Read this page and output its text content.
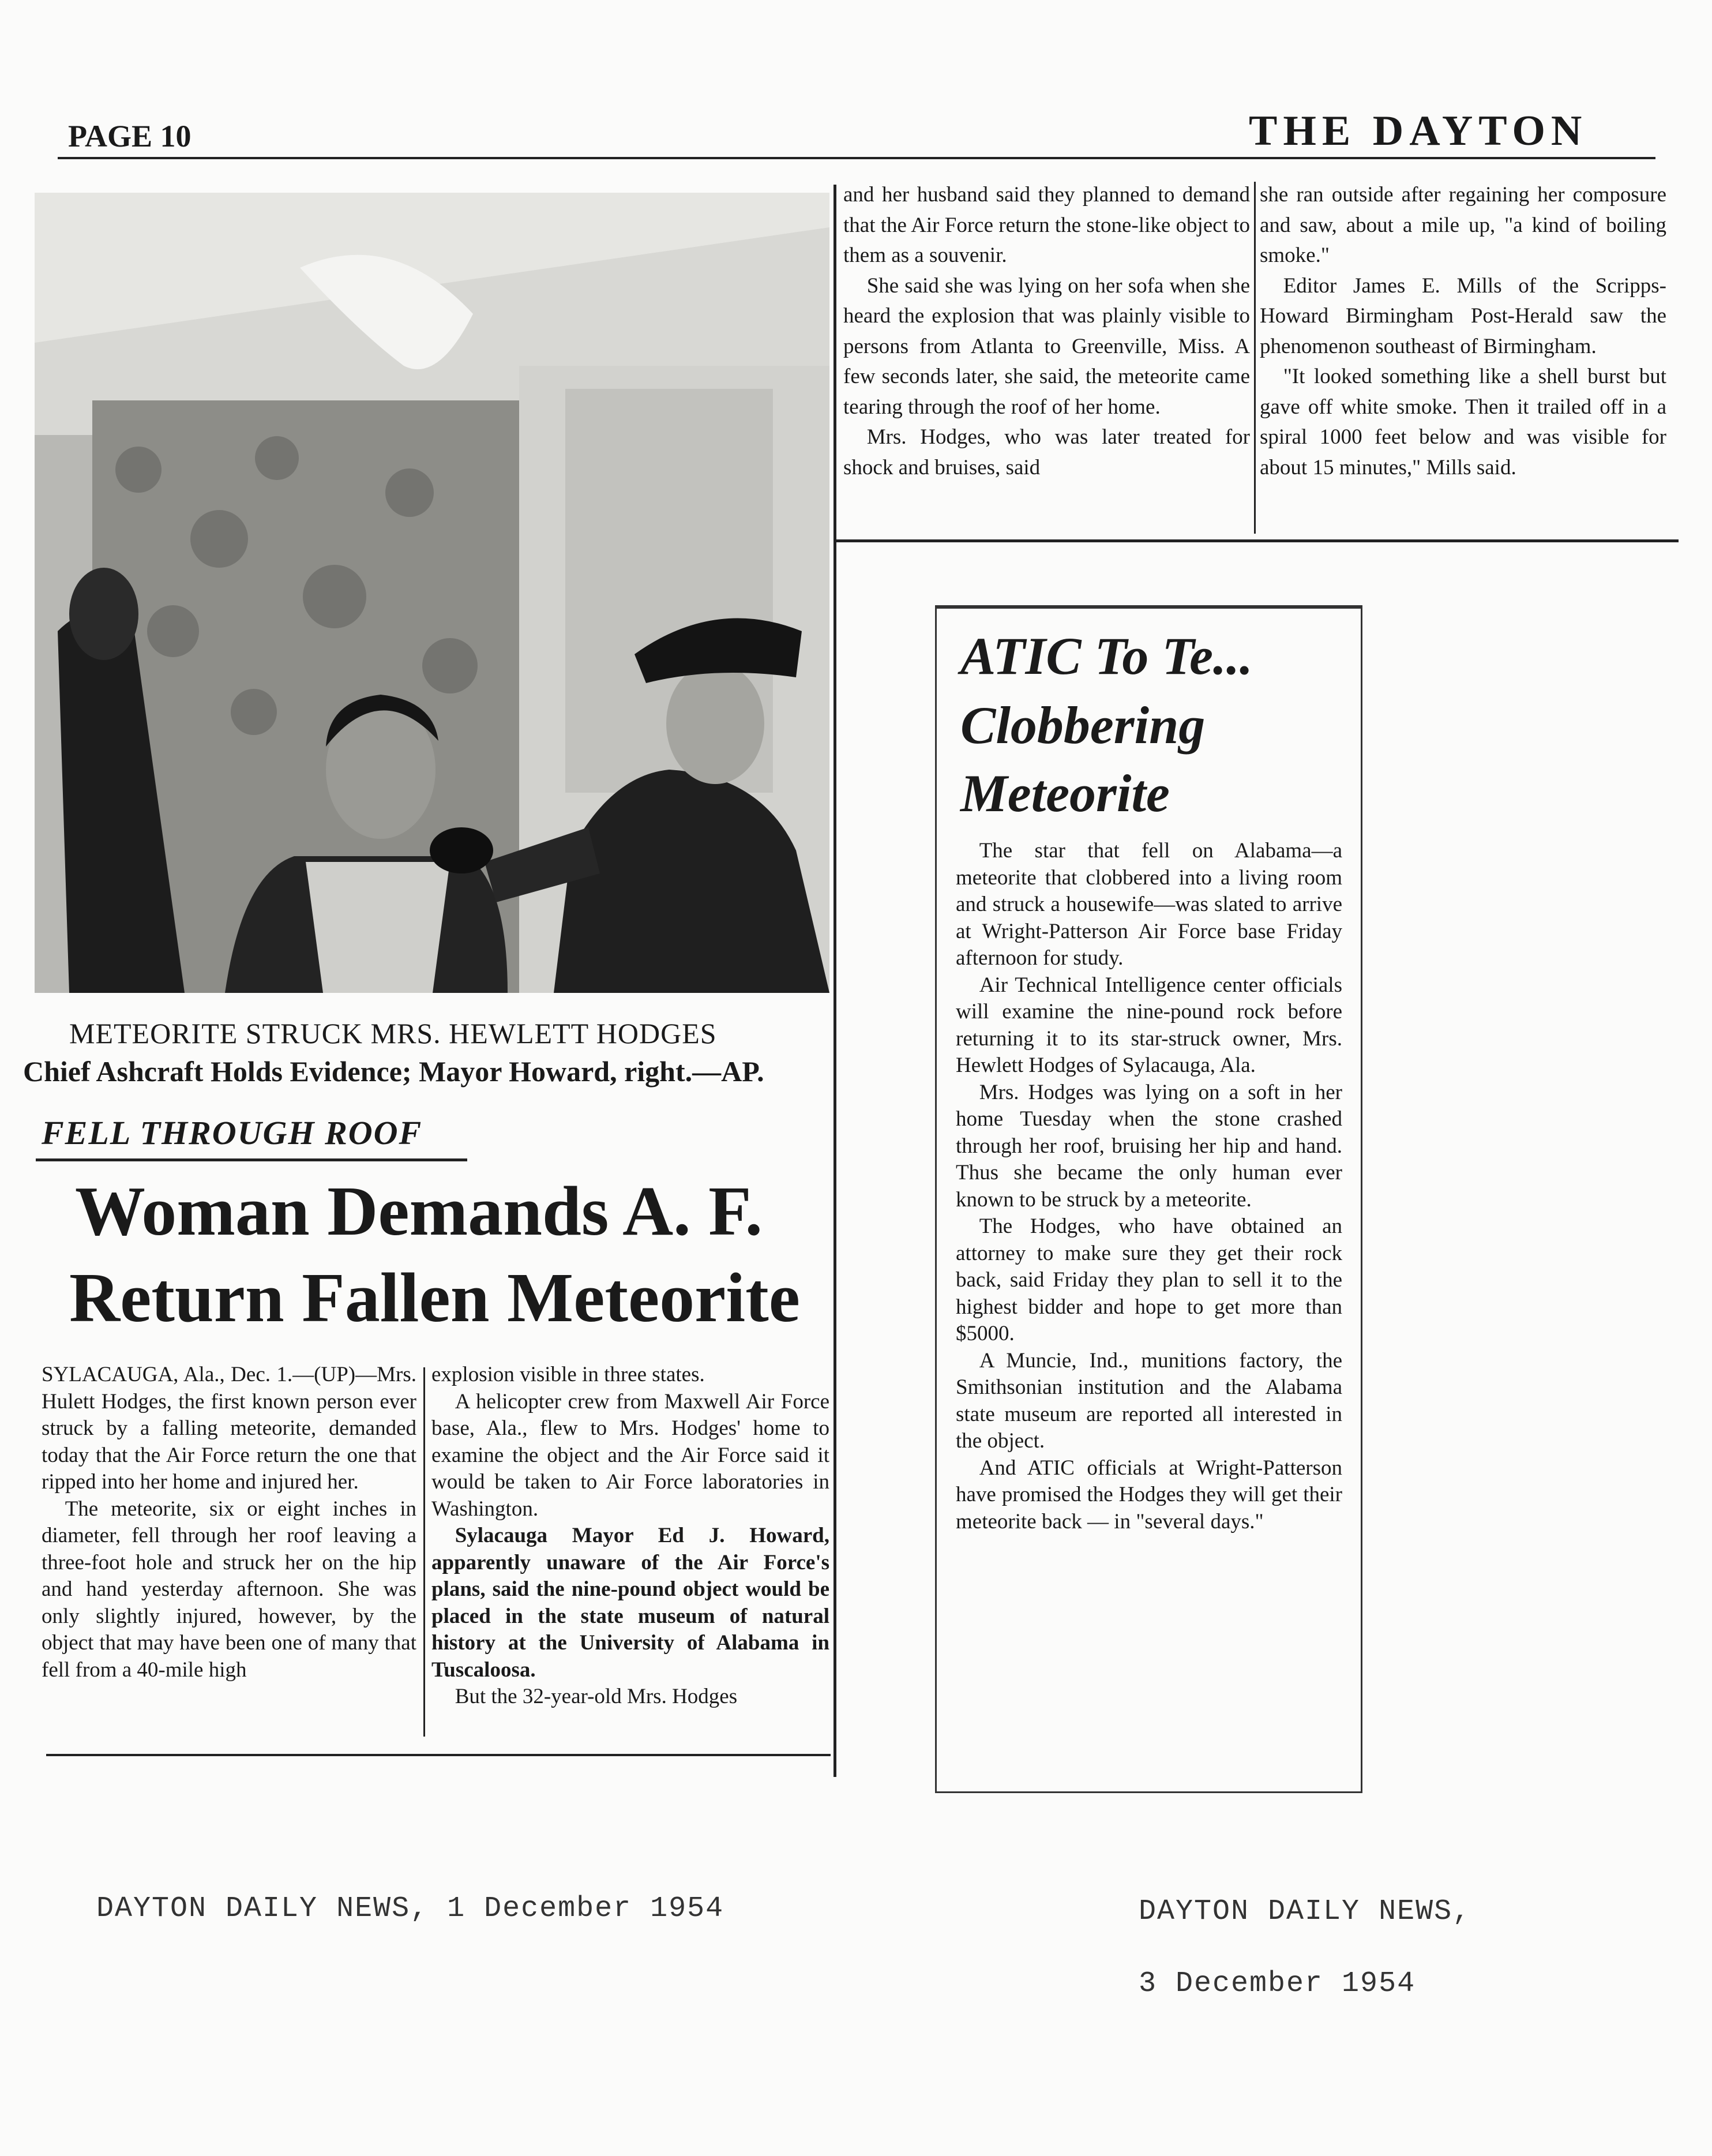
PAGE 10	THE DAYTON
METEORITE STRUCK MRS. HEWLETT HODGES
Chief Ashcraft Holds Evidence; Mayor Howard, right.—AP.
FELL THROUGH ROOF
Woman Demands A. F.
Return Fallen Meteorite

SYLACAUGA, Ala., Dec. 1.—(UP)—Mrs. Hulett Hodges, the first known person ever struck by a falling meteorite, demanded today that the Air Force return the one that ripped into her home and injured her.

The meteorite, six or eight inches in diameter, fell through her roof leaving a three-foot hole and struck her on the hip and hand yesterday afternoon. She was only slightly injured, however, by the object that may have been one of many that fell from a 40-mile high

explosion visible in three states.

A helicopter crew from Maxwell Air Force base, Ala., flew to Mrs. Hodges' home to examine the object and the Air Force said it would be taken to Air Force laboratories in Washington.

Sylacauga Mayor Ed J. Howard, apparently unaware of the Air Force's plans, said the nine-pound object would be placed in the state museum of natural history at the University of Alabama in Tuscaloosa.

But the 32-year-old Mrs. Hodges

and her husband said they planned to demand that the Air Force return the stone-like object to them as a souvenir.

She said she was lying on her sofa when she heard the explosion that was plainly visible to persons from Atlanta to Greenville, Miss. A few seconds later, she said, the meteorite came tearing through the roof of her home.

Mrs. Hodges, who was later treated for shock and bruises, said

she ran outside after regaining her composure and saw, about a mile up, "a kind of boiling smoke."

Editor James E. Mills of the Scripps-Howard Birmingham Post-Herald saw the phenomenon southeast of Birmingham.

"It looked something like a shell burst but gave off white smoke. Then it trailed off in a spiral 1000 feet below and was visible for about 15 minutes," Mills said.

ATIC To Te...
Clobbering
Meteorite

The star that fell on Alabama—a meteorite that clobbered into a living room and struck a housewife—was slated to arrive at Wright-Patterson Air Force base Friday afternoon for study.

Air Technical Intelligence center officials will examine the nine-pound rock before returning it to its star-struck owner, Mrs. Hewlett Hodges of Sylacauga, Ala.

Mrs. Hodges was lying on a soft in her home Tuesday when the stone crashed through her roof, bruising her hip and hand. Thus she became the only human ever known to be struck by a meteorite.

The Hodges, who have obtained an attorney to make sure they get their rock back, said Friday they plan to sell it to the highest bidder and hope to get more than $5000.

A Muncie, Ind., munitions factory, the Smithsonian institution and the Alabama state museum are reported all interested in the object.

And ATIC officials at Wright-Patterson have promised the Hodges they will get their meteorite back — in "several days."

DAYTON DAILY NEWS, 1 December 1954	DAYTON DAILY NEWS,
3 December 1954
